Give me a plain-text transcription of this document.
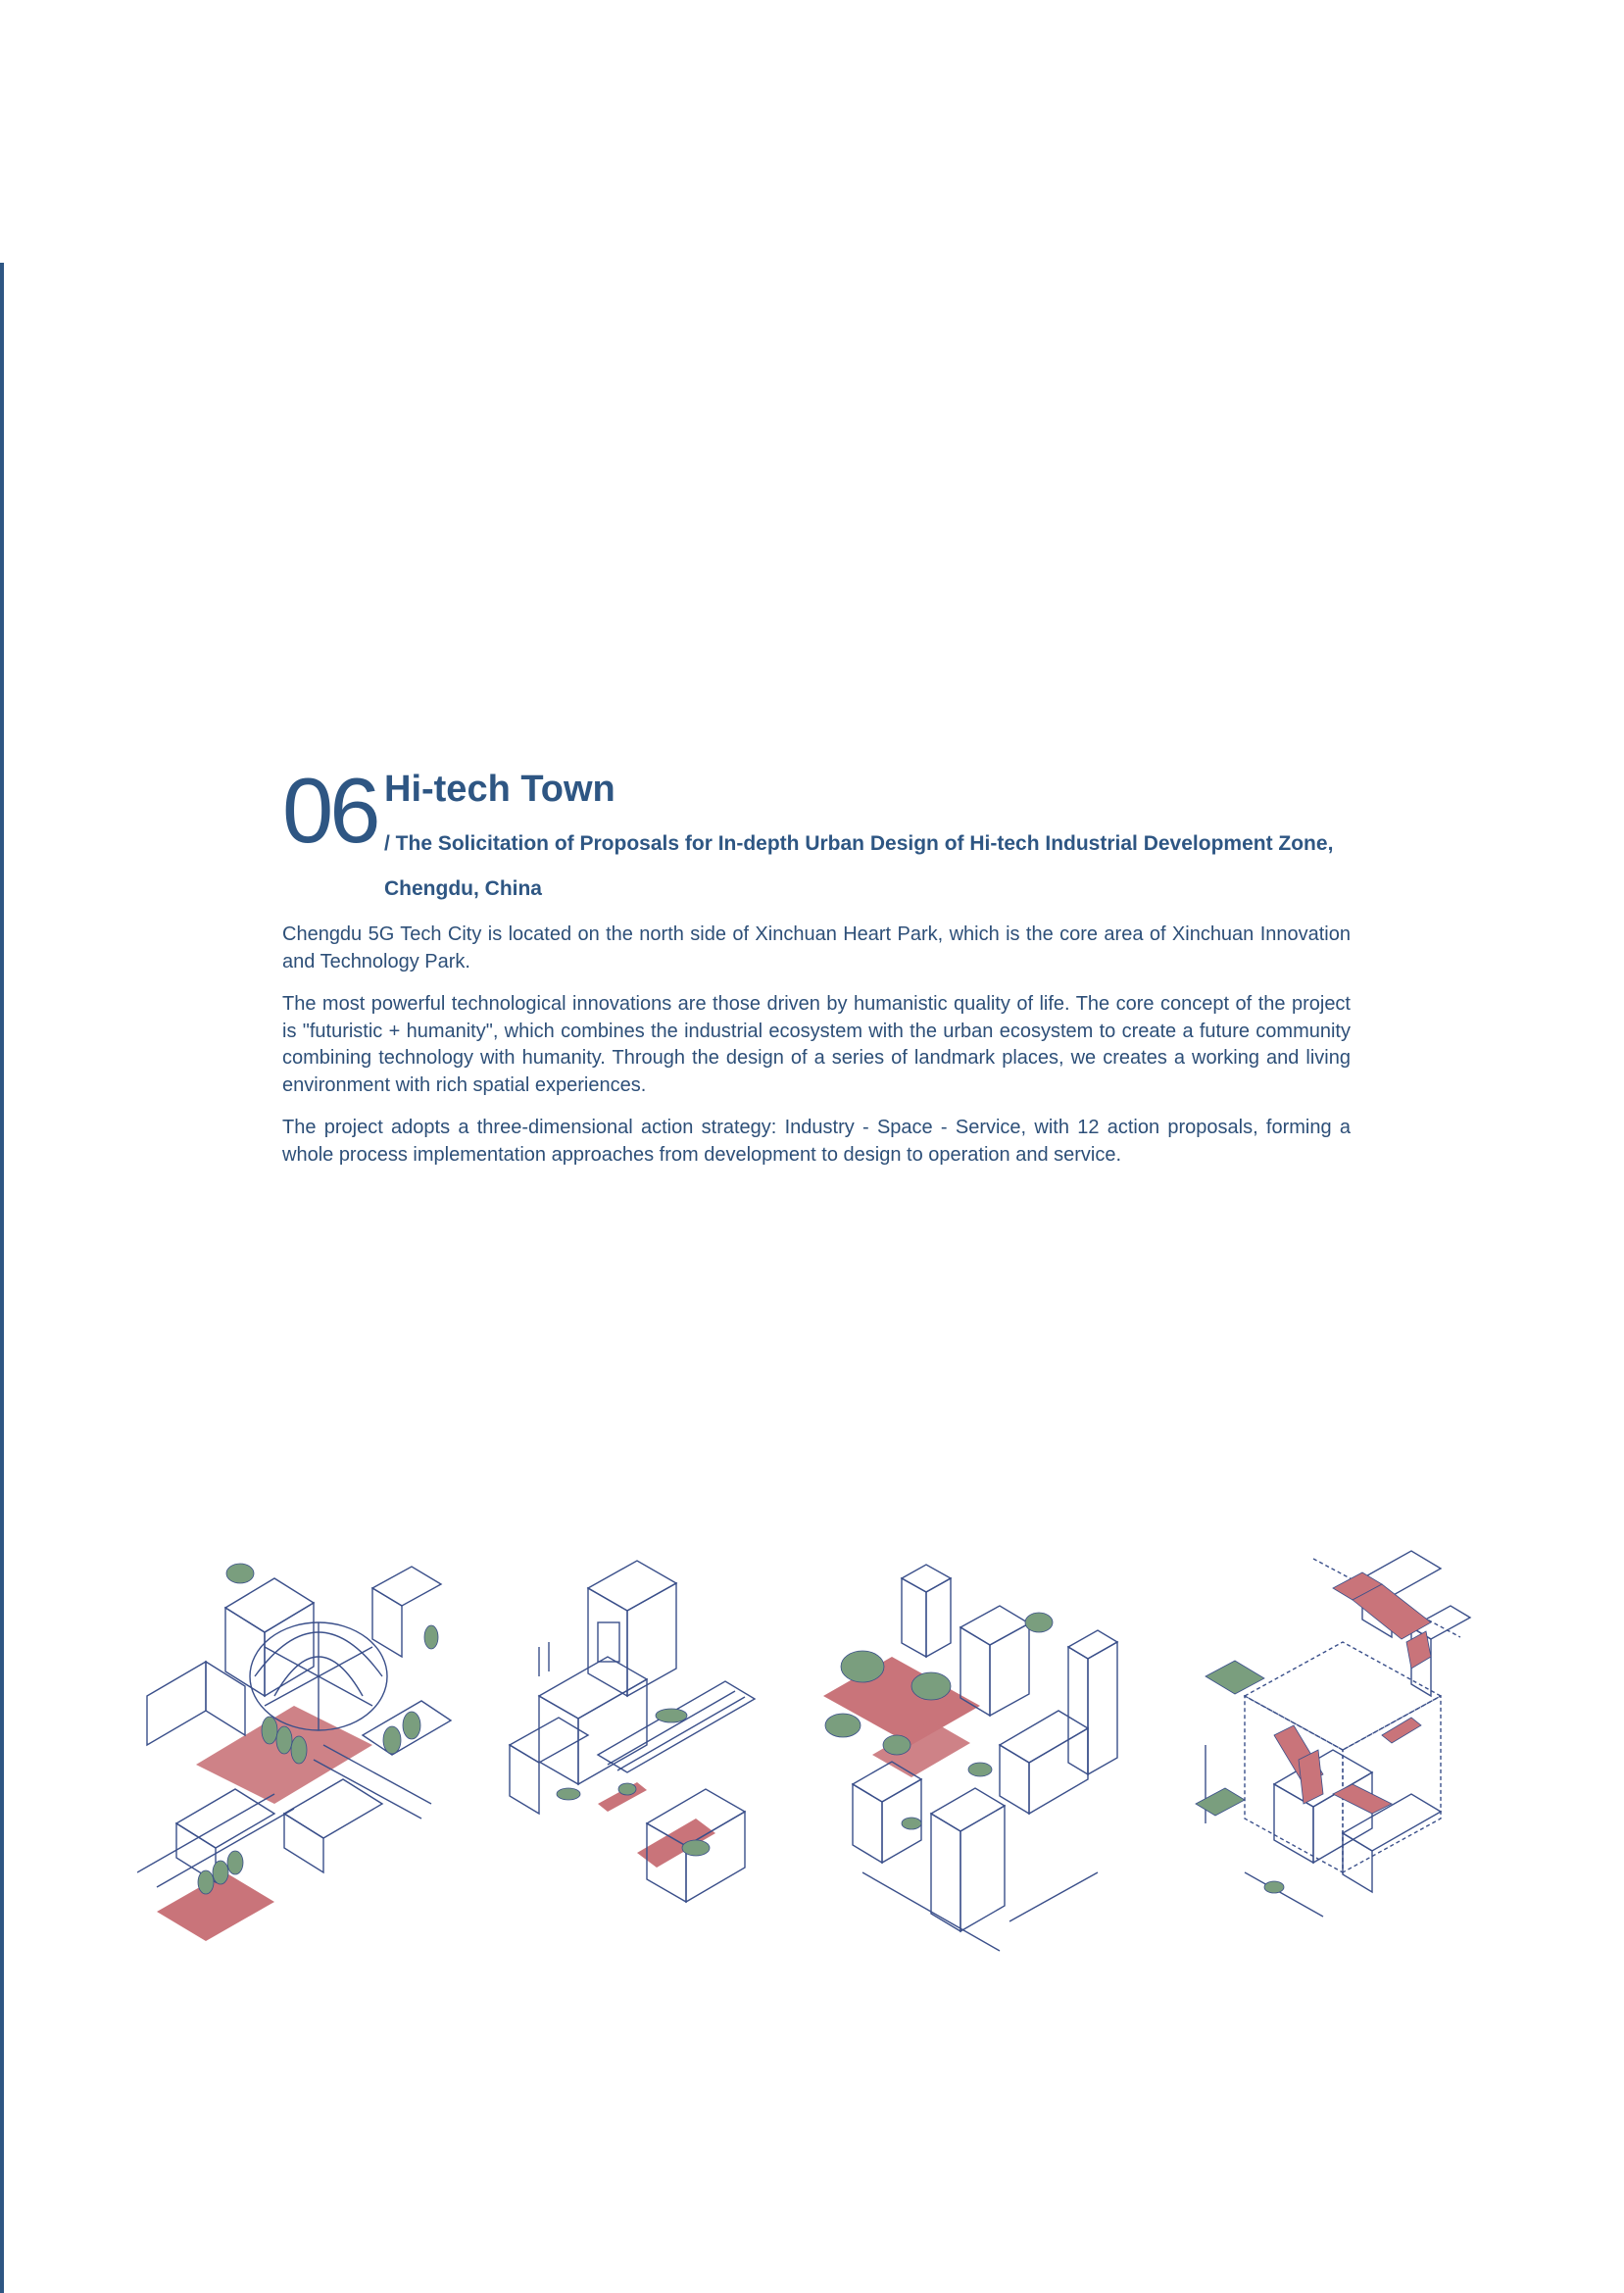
06 Hi-tech Town
/ The Solicitation of Proposals for In-depth Urban Design of Hi-tech Industrial Development Zone, Chengdu, China

Chengdu 5G Tech City is located on the north side of Xinchuan Heart Park, which is the core area of Xinchuan Innovation and Technology Park.

The most powerful technological innovations are those driven by humanistic quality of life. The core concept of the project is "futuristic + humanity", which combines the industrial ecosystem with the urban ecosystem to create a future community combining technology with humanity. Through the design of a series of landmark places, we creates a working and living environment with rich spatial experiences.

The project adopts a three-dimensional action strategy: Industry - Space - Service, with 12 action proposals, forming a whole process implementation approaches from development to design to operation and service.
